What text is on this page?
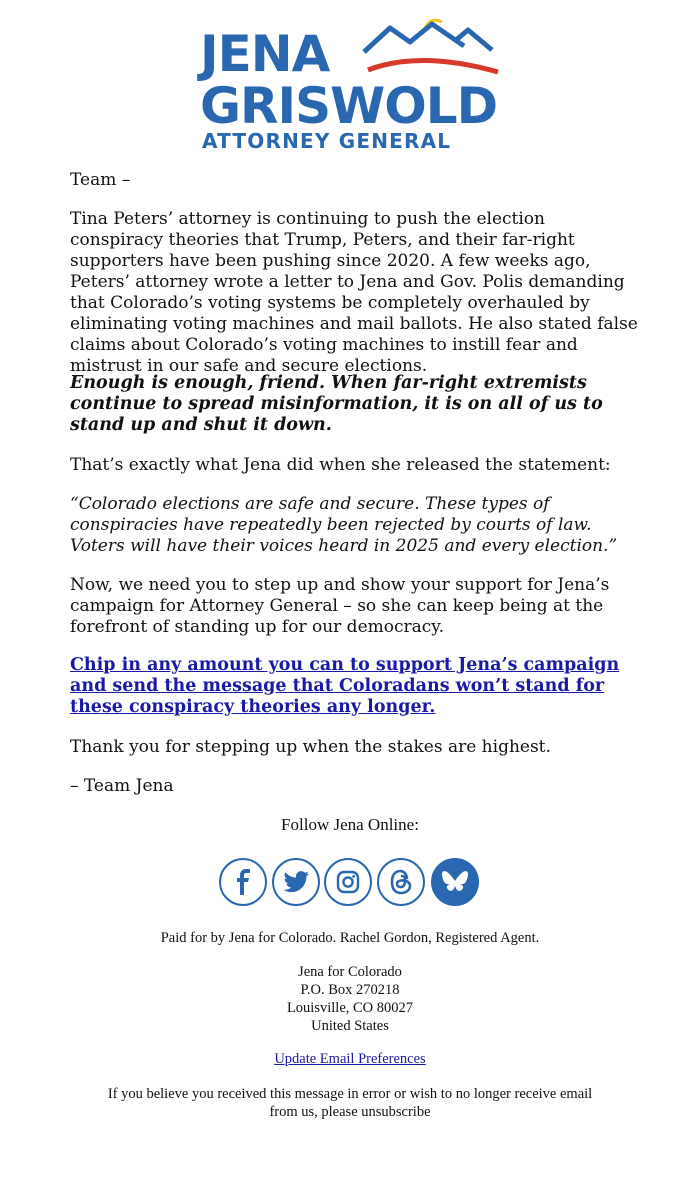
JENA
GRISWOLD
ATTORNEY GENERAL

Team –

Tina Peters’ attorney is continuing to push the election conspiracy theories that Trump, Peters, and their far-right supporters have been pushing since 2020. A few weeks ago, Peters’ attorney wrote a letter to Jena and Gov. Polis demanding that Colorado’s voting systems be completely overhauled by eliminating voting machines and mail ballots. He also stated false claims about Colorado’s voting machines to instill fear and mistrust in our safe and secure elections.

Enough is enough, friend. When far-right extremists continue to spread misinformation, it is on all of us to stand up and shut it down.

That’s exactly what Jena did when she released the statement:

“Colorado elections are safe and secure. These types of conspiracies have repeatedly been rejected by courts of law. Voters will have their voices heard in 2025 and every election.”

Now, we need you to step up and show your support for Jena’s campaign for Attorney General – so she can keep being at the forefront of standing up for our democracy.

Chip in any amount you can to support Jena’s campaign and send the message that Coloradans won’t stand for these conspiracy theories any longer.

Thank you for stepping up when the stakes are highest.

– Team Jena

Follow Jena Online:
Paid for by Jena for Colorado. Rachel Gordon, Registered Agent.
Jena for Colorado
P.O. Box 270218
Louisville, CO 80027
United States
Update Email Preferences
If you believe you received this message in error or wish to no longer receive email
from us, please unsubscribe
